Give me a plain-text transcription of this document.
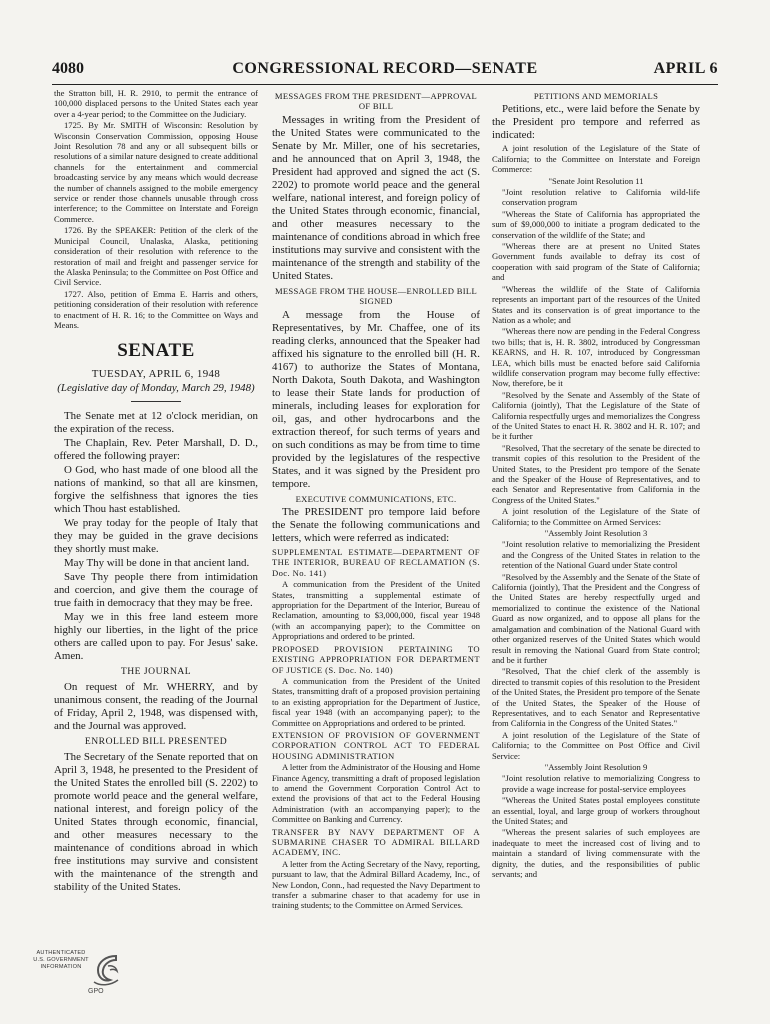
4080	CONGRESSIONAL RECORD—SENATE	APRIL 6

the Stratton bill, H. R. 2910, to permit the entrance of 100,000 displaced persons to the United States each year over a 4-year period; to the Committee on the Judiciary.

1725. By Mr. SMITH of Wisconsin: Resolution by Wisconsin Conservation Commission, opposing House Joint Resolution 78 and any or all subsequent bills or resolutions of a similar nature designed to create additional channels for the entertainment and commercial broadcasting service by any means which would decrease the number of channels assigned to the mobile emergency service or render those channels unusable through cross interference; to the Committee on Interstate and Foreign Commerce.

1726. By the SPEAKER: Petition of the clerk of the Municipal Council, Unalaska, Alaska, petitioning consideration of their resolution with reference to the restoration of mail and freight and passenger service for the Alaska Peninsula; to the Committee on Post Office and Civil Service.

1727. Also, petition of Emma E. Harris and others, petitioning consideration of their resolution with reference to enactment of H. R. 16; to the Committee on Ways and Means.

SENATE

TUESDAY, APRIL 6, 1948

(Legislative day of Monday, March 29, 1948)

The Senate met at 12 o'clock meridian, on the expiration of the recess.

The Chaplain, Rev. Peter Marshall, D. D., offered the following prayer:

O God, who hast made of one blood all the nations of mankind, so that all are kinsmen, forgive the selfishness that ignores the ties which Thou hast established.

We pray today for the people of Italy that they may be guided in the grave decisions they shortly must make.

May Thy will be done in that ancient land.

Save Thy people there from intimidation and coercion, and give them the courage of true faith in democracy that they may be free.

May we in this free land esteem more highly our liberties, in the light of the price others are called upon to pay. For Jesus' sake. Amen.

THE JOURNAL

On request of Mr. WHERRY, and by unanimous consent, the reading of the Journal of Friday, April 2, 1948, was dispensed with, and the Journal was approved.

ENROLLED BILL PRESENTED

The Secretary of the Senate reported that on April 3, 1948, he presented to the President of the United States the enrolled bill (S. 2202) to promote world peace and the general welfare, national interest, and foreign policy of the United States through economic, financial, and other measures necessary to the maintenance of conditions abroad in which free institutions may survive and consistent with the maintenance of the strength and stability of the United States.

MESSAGES FROM THE PRESIDENT—APPROVAL OF BILL

Messages in writing from the President of the United States were communicated to the Senate by Mr. Miller, one of his secretaries, and he announced that on April 3, 1948, the President had approved and signed the act (S. 2202) to promote world peace and the general welfare, national interest, and foreign policy of the United States through economic, financial, and other measures necessary to the maintenance of conditions abroad in which free institutions may survive and consistent with the maintenance of the strength and stability of the United States.

MESSAGE FROM THE HOUSE—ENROLLED BILL SIGNED

A message from the House of Representatives, by Mr. Chaffee, one of its reading clerks, announced that the Speaker had affixed his signature to the enrolled bill (H. R. 4167) to authorize the States of Montana, North Dakota, South Dakota, and Washington to lease their State lands for production of minerals, including leases for exploration for oil, gas, and other hydrocarbons and the extraction thereof, for such terms of years and on such conditions as may be from time to time provided by the legislatures of the respective States, and it was signed by the President pro tempore.

EXECUTIVE COMMUNICATIONS, ETC.

The PRESIDENT pro tempore laid before the Senate the following communications and letters, which were referred as indicated:

SUPPLEMENTAL ESTIMATE—DEPARTMENT OF THE INTERIOR, BUREAU OF RECLAMATION (S. Doc. No. 141)

A communication from the President of the United States, transmitting a supplemental estimate of appropriation for the Department of the Interior, Bureau of Reclamation, amounting to $3,000,000, fiscal year 1948 (with an accompanying paper); to the Committee on Appropriations and ordered to be printed.

PROPOSED PROVISION PERTAINING TO EXISTING APPROPRIATION FOR DEPARTMENT OF JUSTICE (S. Doc. No. 140)

A communication from the President of the United States, transmitting draft of a proposed provision pertaining to an existing appropriation for the Department of Justice, fiscal year 1948 (with an accompanying paper); to the Committee on Appropriations and ordered to be printed.

EXTENSION OF PROVISION OF GOVERNMENT CORPORATION CONTROL ACT TO FEDERAL HOUSING ADMINISTRATION

A letter from the Administrator of the Housing and Home Finance Agency, transmitting a draft of proposed legislation to amend the Government Corporation Control Act to extend the provisions of that act to the Federal Housing Administration (with an accompanying paper); to the Committee on Banking and Currency.

TRANSFER BY NAVY DEPARTMENT OF A SUBMARINE CHASER TO ADMIRAL BILLARD ACADEMY, INC.

A letter from the Acting Secretary of the Navy, reporting, pursuant to law, that the Admiral Billard Academy, Inc., of New London, Conn., had requested the Navy Department to transfer a submarine chaser to that academy for use in training students; to the Committee on Armed Services.

PETITIONS AND MEMORIALS

Petitions, etc., were laid before the Senate by the President pro tempore and referred as indicated:

A joint resolution of the Legislature of the State of California; to the Committee on Interstate and Foreign Commerce:

"Senate Joint Resolution 11

"Joint resolution relative to California wild-life conservation program

"Whereas the State of California has appropriated the sum of $9,000,000 to initiate a program dedicated to the conservation of the wildlife of the State; and

"Whereas there are at present no United States Government funds available to defray its cost of cooperation with said program of the State of California; and

"Whereas the wildlife of the State of California represents an important part of the resources of the United States and its conservation is of great importance to the Nation as a whole; and

"Whereas there now are pending in the Federal Congress two bills; that is, H. R. 3802, introduced by Congressman KEARNS, and H. R. 107, introduced by Congressman LEA, which bills must be enacted before said California wildlife conservation program may become fully effective: Now, therefore, be it

"Resolved by the Senate and Assembly of the State of California (jointly), That the Legislature of the State of California respectfully urges and memorializes the Congress of the United States to enact H. R. 3802 and H. R. 107; and be it further

"Resolved, That the secretary of the senate be directed to transmit copies of this resolution to the President of the United States, to the President pro tempore of the Senate and the Speaker of the House of Representatives, and to each Senator and Representative from California in the Congress of the United States."

A joint resolution of the Legislature of the State of California; to the Committee on Armed Services:

"Assembly Joint Resolution 3

"Joint resolution relative to memorializing the President and the Congress of the United States in relation to the retention of the National Guard under State control

"Resolved by the Assembly and the Senate of the State of California (jointly), That the President and the Congress of the United States are hereby respectfully urged and memorialized to continue the existence of the National Guard as now organized, and to oppose all plans for the amalgamation and combination of the National Guard with other organized reserves of the United States which would result in removing the National Guard from State control; and be it further

"Resolved, That the chief clerk of the assembly is directed to transmit copies of this resolution to the President of the United States, the President pro tempore of the Senate of the United States, the Speaker of the House of Representatives, and to each Senator and Representative from California in the Congress of the United States."

A joint resolution of the Legislature of the State of California; to the Committee on Post Office and Civil Service:

"Assembly Joint Resolution 9

"Joint resolution relative to memorializing Congress to provide a wage increase for postal-service employees

"Whereas the United States postal employees constitute an essential, loyal, and large group of workers throughout the United States; and

"Whereas the present salaries of such employees are inadequate to meet the increased cost of living and to maintain a standard of living commensurate with the dignity, the duties, and the responsibilities of public servants; and

AUTHENTICATED U.S. GOVERNMENT INFORMATION
GPO
